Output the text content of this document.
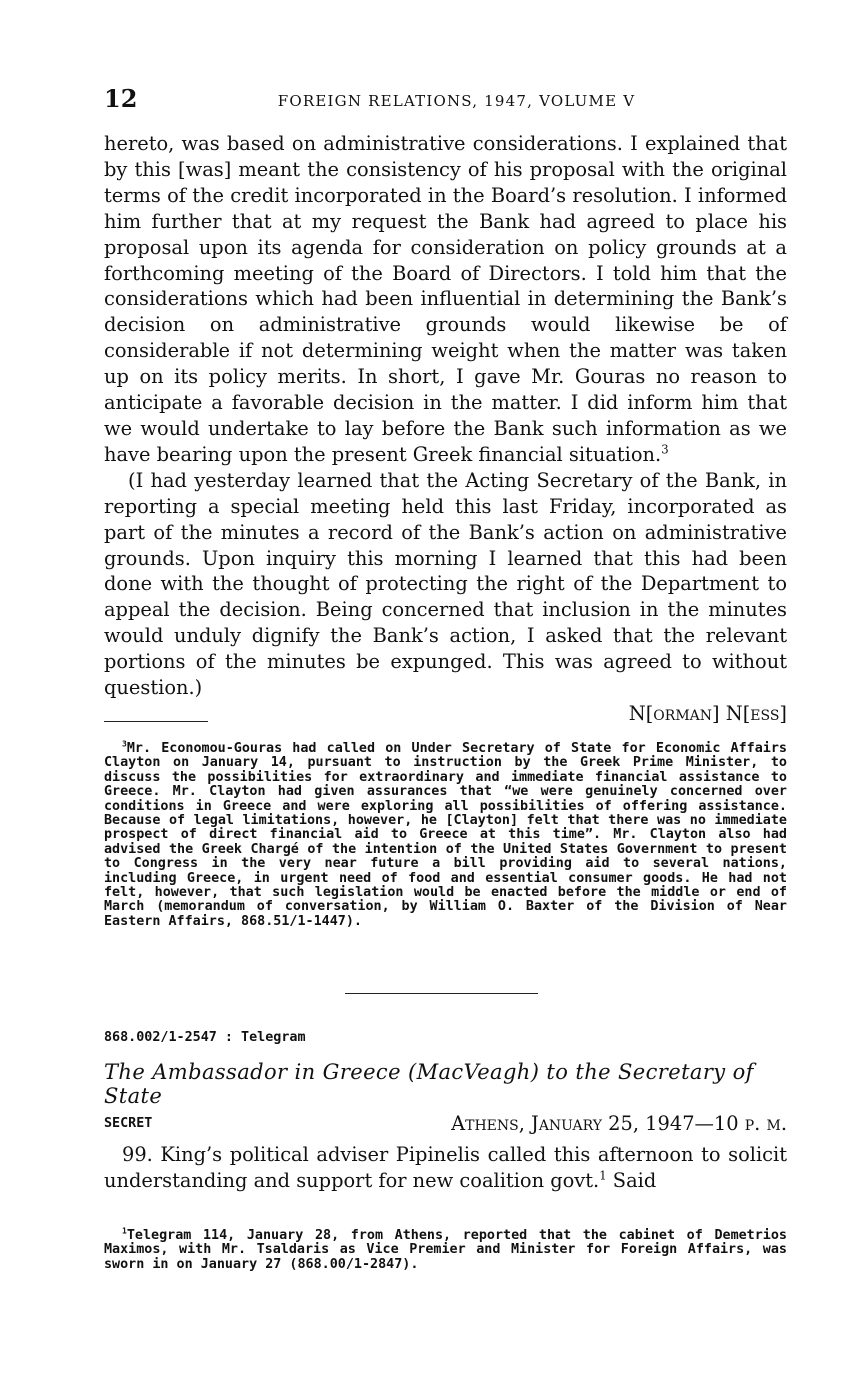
12	FOREIGN RELATIONS, 1947, VOLUME V

hereto, was based on administrative considerations. I explained that by this [was] meant the consistency of his proposal with the original terms of the credit incorporated in the Board’s resolution. I informed him further that at my request the Bank had agreed to place his proposal upon its agenda for consideration on policy grounds at a forthcoming meeting of the Board of Directors. I told him that the considerations which had been influential in determining the Bank’s decision on administrative grounds would likewise be of considerable if not determining weight when the matter was taken up on its policy merits. In short, I gave Mr. Gouras no reason to anticipate a favorable decision in the matter. I did inform him that we would undertake to lay before the Bank such information as we have bearing upon the present Greek financial situation.$^3$

(I had yesterday learned that the Acting Secretary of the Bank, in reporting a special meeting held this last Friday, incorporated as part of the minutes a record of the Bank’s action on administrative grounds. Upon inquiry this morning I learned that this had been done with the thought of protecting the right of the Department to appeal the decision. Being concerned that inclusion in the minutes would unduly dignify the Bank’s action, I asked that the relevant portions of the minutes be expunged. This was agreed to without question.)

N[orman] N[ess]

$^3$Mr. Economou-Gouras had called on Under Secretary of State for Economic Affairs Clayton on January 14, pursuant to instruction by the Greek Prime Minister, to discuss the possibilities for extraordinary and immediate financial assistance to Greece. Mr. Clayton had given assurances that “we were genuinely concerned over conditions in Greece and were exploring all possibilities of offering assistance. Because of legal limitations, however, he [Clayton] felt that there was no immediate prospect of direct financial aid to Greece at this time”. Mr. Clayton also had advised the Greek Chargé of the intention of the United States Government to present to Congress in the very near future a bill providing aid to several nations, including Greece, in urgent need of food and essential consumer goods. He had not felt, however, that such legislation would be enacted before the middle or end of March (memorandum of conversation, by William O. Baxter of the Division of Near Eastern Affairs, 868.51/1-1447).
868.002/1-2547 : Telegram
The Ambassador in Greece (MacVeagh) to the Secretary of State
SECRET	Athens, January 25, 1947—10 p. m.
99. King’s political adviser Pipinelis called this afternoon to solicit understanding and support for new coalition govt.$^1$ Said
$^1$Telegram 114, January 28, from Athens, reported that the cabinet of Demetrios Maximos, with Mr. Tsaldaris as Vice Premier and Minister for Foreign Affairs, was sworn in on January 27 (868.00/1-2847).
